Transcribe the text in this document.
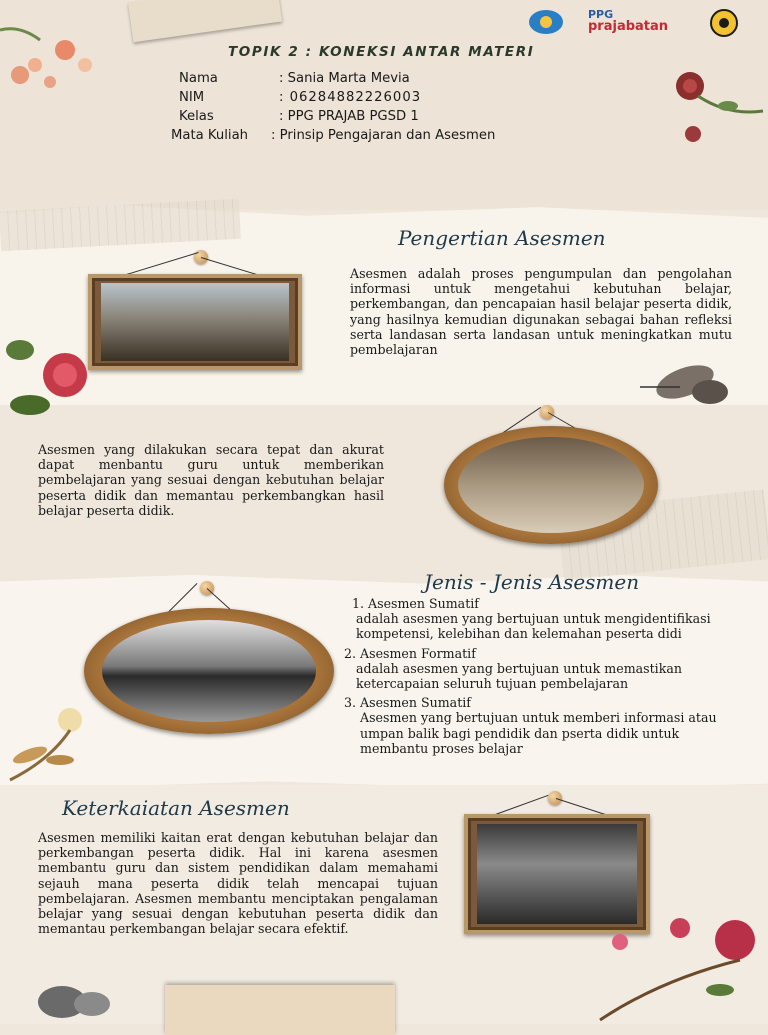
PPG
prajabatan
TOPIK 2 : KONEKSI ANTAR MATERI
Nama	: Sania Marta Mevia
NIM	: 06284882226003
Kelas	: PPG PRAJAB PGSD 1
Mata Kuliah	: Prinsip Pengajaran dan Asesmen
Pengertian Asesmen
Asesmen adalah proses pengumpulan dan pengolahan informasi untuk mengetahui kebutuhan belajar, perkembangan, dan pencapaian hasil belajar peserta didik, yang hasilnya kemudian digunakan sebagai bahan refleksi serta landasan serta landasan untuk meningkatkan mutu pembelajaran
Asesmen yang dilakukan secara tepat dan akurat dapat menbantu guru untuk memberikan pembelajaran yang sesuai dengan kebutuhan belajar peserta didik dan memantau perkembangkan hasil belajar peserta didik.
Jenis - Jenis Asesmen
1. Asesmen Sumatif
adalah asesmen yang bertujuan untuk mengidentifikasi kompetensi, kelebihan dan kelemahan peserta didi
2. Asesmen Formatif
adalah asesmen yang bertujuan untuk memastikan ketercapaian seluruh tujuan pembelajaran
3. Asesmen Sumatif
Asesmen yang bertujuan untuk memberi informasi atau umpan balik bagi pendidik dan pserta didik untuk membantu proses belajar
Keterkaiatan Asesmen
Asesmen memiliki kaitan erat dengan kebutuhan belajar dan perkembangan peserta didik. Hal ini karena asesmen membantu guru dan sistem pendidikan dalam memahami sejauh mana peserta didik telah mencapai tujuan pembelajaran. Asesmen membantu menciptakan pengalaman belajar yang sesuai dengan kebutuhan peserta didik dan memantau perkembangan belajar secara efektif.
